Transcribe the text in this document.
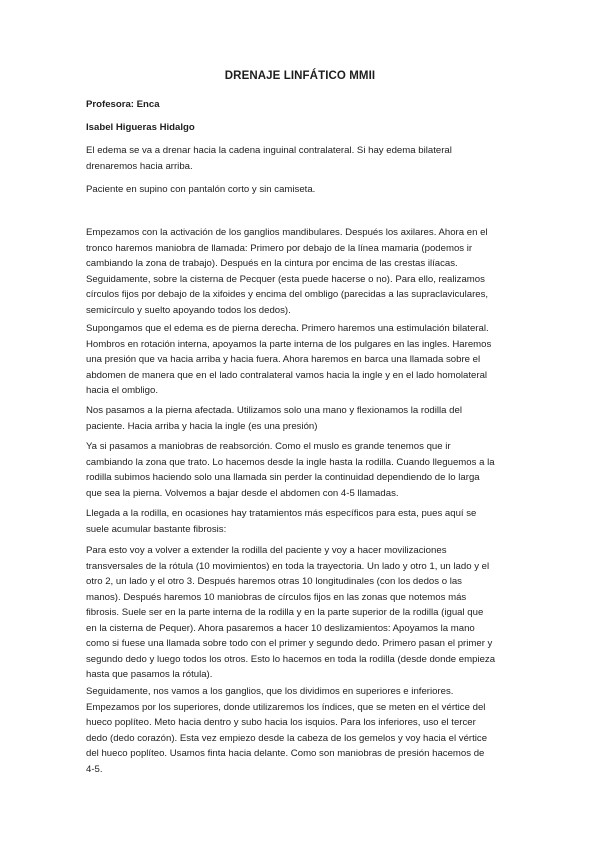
DRENAJE LINFÁTICO MMII
Profesora: Enca
Isabel Higueras Hidalgo
El edema se va a drenar hacia la cadena inguinal contralateral. Si hay edema bilateral
drenaremos hacia arriba.
Paciente en supino con pantalón corto y sin camiseta.
Empezamos con la activación de los ganglios mandibulares. Después los axilares. Ahora en el
tronco haremos maniobra de llamada: Primero por debajo de la línea mamaria (podemos ir
cambiando la zona de trabajo). Después en la cintura por encima de las crestas ilíacas.
Seguidamente, sobre la cisterna de Pecquer (esta puede hacerse o no). Para ello, realizamos
círculos fijos por debajo de la xifoides y encima del ombligo (parecidas a las supraclaviculares,
semicírculo y suelto apoyando todos los dedos).
Supongamos que el edema es de pierna derecha. Primero haremos una estimulación bilateral.
Hombros en rotación interna, apoyamos la parte interna de los pulgares en las ingles. Haremos
una presión que va hacia arriba y hacia fuera. Ahora haremos en barca una llamada sobre el
abdomen de manera que en el lado contralateral vamos hacia la ingle y en el lado homolateral
hacia el ombligo.
Nos pasamos a la pierna afectada. Utilizamos solo una mano y flexionamos la rodilla del
paciente. Hacia arriba y hacia la ingle (es una presión)
Ya si pasamos a maniobras de reabsorción. Como el muslo es grande tenemos que ir
cambiando la zona que trato. Lo hacemos desde la ingle hasta la rodilla. Cuando lleguemos a la
rodilla subimos haciendo solo una llamada sin perder la continuidad dependiendo de lo larga
que sea la pierna. Volvemos a bajar desde el abdomen con 4-5 llamadas.
Llegada a la rodilla, en ocasiones hay tratamientos más específicos para esta, pues aquí se
suele acumular bastante fibrosis:
Para esto voy a volver a extender la rodilla del paciente y voy a hacer movilizaciones
transversales de la rótula (10 movimientos) en toda la trayectoria. Un lado y otro 1, un lado y el
otro 2, un lado y el otro 3. Después haremos otras 10 longitudinales (con los dedos o las
manos). Después haremos 10 maniobras de círculos fijos en las zonas que notemos más
fibrosis. Suele ser en la parte interna de la rodilla y en la parte superior de la rodilla (igual que
en la cisterna de Pequer). Ahora pasaremos a hacer 10 deslizamientos: Apoyamos la mano
como si fuese una llamada sobre todo con el primer y segundo dedo. Primero pasan el primer y
segundo dedo y luego todos los otros. Esto lo hacemos en toda la rodilla (desde donde empieza
hasta que pasamos la rótula).
Seguidamente, nos vamos a los ganglios, que los dividimos en superiores e inferiores.
Empezamos por los superiores, donde utilizaremos los índices, que se meten en el vértice del
hueco poplíteo. Meto hacia dentro y subo hacia los isquios. Para los inferiores, uso el tercer
dedo (dedo corazón). Esta vez empiezo desde la cabeza de los gemelos y voy hacia el vértice
del hueco poplíteo. Usamos finta hacia delante. Como son maniobras de presión hacemos de
4-5.
